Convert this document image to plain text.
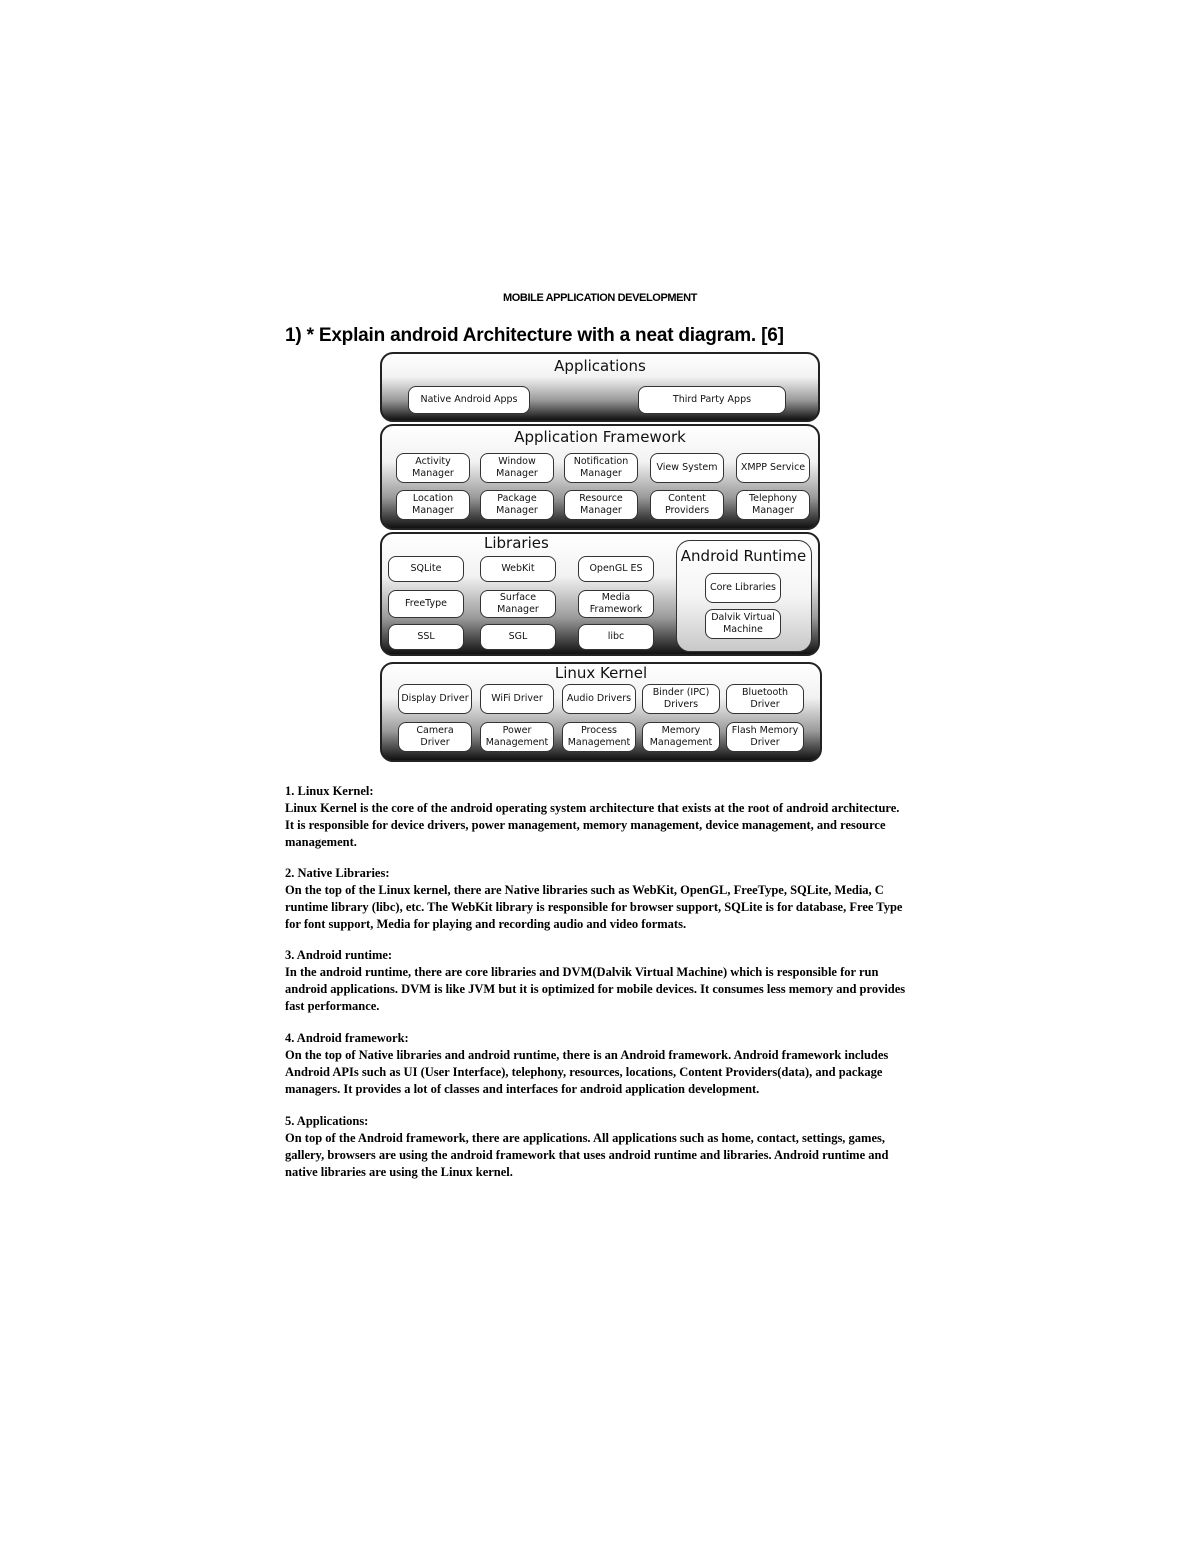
MOBILE APPLICATION DEVELOPMENT
1) * Explain android Architecture with a neat diagram. [6]
Applications
Native Android Apps	Third Party Apps
Application Framework
Activity Manager
Window Manager
Notification Manager
View System	XMPP Service
Location Manager
Package Manager
Resource Manager
Content Providers
Telephony Manager
Libraries
SQLite	WebKit	OpenGL ES
FreeType
Surface Manager
Media Framework
SSL	SGL	libc
Android Runtime
Core Libraries
Dalvik Virtual Machine
Linux Kernel
Display Driver	WiFi Driver	Audio Drivers
Binder (IPC) Drivers
Bluetooth Driver
Camera Driver
Power Management
Process Management
Memory Management
Flash Memory Driver
1. Linux Kernel:
Linux Kernel is the core of the android operating system architecture that exists at the root of android architecture. It is responsible for device drivers, power management, memory management, device management, and resource management.
2. Native Libraries:
On the top of the Linux kernel, there are Native libraries such as WebKit, OpenGL, FreeType, SQLite, Media, C runtime library (libc), etc. The WebKit library is responsible for browser support, SQLite is for database, Free Type for font support, Media for playing and recording audio and video formats.
3. Android runtime:
In the android runtime, there are core libraries and DVM(Dalvik Virtual Machine) which is responsible for run android applications. DVM is like JVM but it is optimized for mobile devices. It consumes less memory and provides fast performance.
4. Android framework:
On the top of Native libraries and android runtime, there is an Android framework. Android framework includes Android APIs such as UI (User Interface), telephony, resources, locations, Content Providers(data), and package managers. It provides a lot of classes and interfaces for android application development.
5. Applications:
On top of the Android framework, there are applications. All applications such as home, contact, settings, games, gallery, browsers are using the android framework that uses android runtime and libraries. Android runtime and native libraries are using the Linux kernel.
